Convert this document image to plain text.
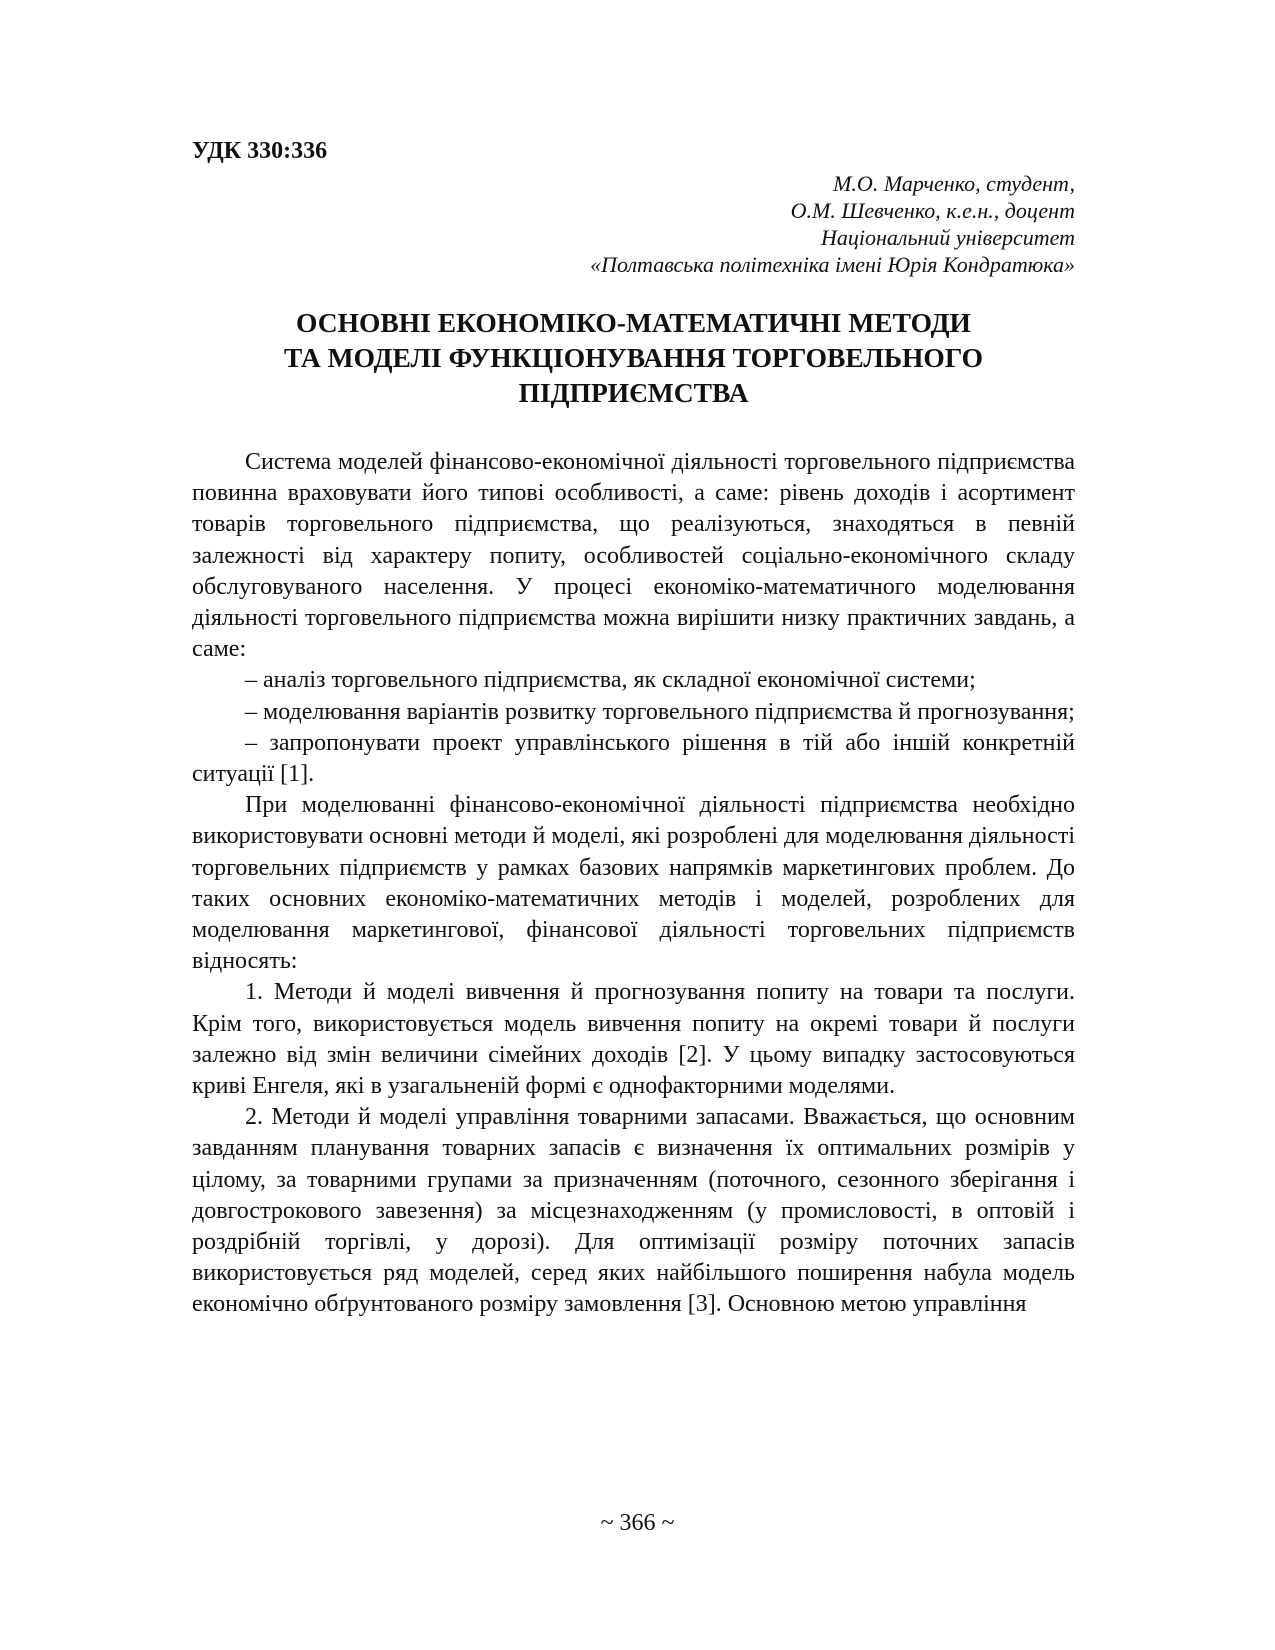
УДК 330:336
М.О. Марченко, студент,
О.М. Шевченко, к.е.н., доцент
Національний університет
«Полтавська політехніка імені Юрія Кондратюка»
ОСНОВНІ ЕКОНОМІКО-МАТЕМАТИЧНІ МЕТОДИ
ТА МОДЕЛІ ФУНКЦІОНУВАННЯ ТОРГОВЕЛЬНОГО
ПІДПРИЄМСТВА

Система моделей фінансово-економічної діяльності торговельного підприємства повинна враховувати його типові особливості, а саме: рівень доходів і асортимент товарів торговельного підприємства, що реалізуються, знаходяться в певній залежності від характеру попиту, особливостей соціально-економічного складу обслуговуваного населення. У процесі економіко-математичного моделювання діяльності торговельного підприємства можна вирішити низку практичних завдань, а саме:

– аналіз торговельного підприємства, як складної економічної системи;

– моделювання варіантів розвитку торговельного підприємства й прогнозування;

– запропонувати проект управлінського рішення в тій або іншій конкретній ситуації [1].

При моделюванні фінансово-економічної діяльності підприємства необхідно використовувати основні методи й моделі, які розроблені для моделювання діяльності торговельних підприємств у рамках базових напрямків маркетингових проблем. До таких основних економіко-математичних методів і моделей, розроблених для моделювання маркетингової, фінансової діяльності торговельних підприємств відносять:

1. Методи й моделі вивчення й прогнозування попиту на товари та послуги. Крім того, використовується модель вивчення попиту на окремі товари й послуги залежно від змін величини сімейних доходів [2]. У цьому випадку застосовуються криві Енгеля, які в узагальненій формі є однофакторними моделями.

2. Методи й моделі управління товарними запасами. Вважається, що основним завданням планування товарних запасів є визначення їх оптимальних розмірів у цілому, за товарними групами за призначенням (поточного, сезонного зберігання і довгострокового завезення) за місцезнаходженням (у промисловості, в оптовій і роздрібній торгівлі, у дорозі). Для оптимізації розміру поточних запасів використовується ряд моделей, серед яких найбільшого поширення набула модель економічно обґрунтованого розміру замовлення [3]. Основною метою управління

~ 366 ~
